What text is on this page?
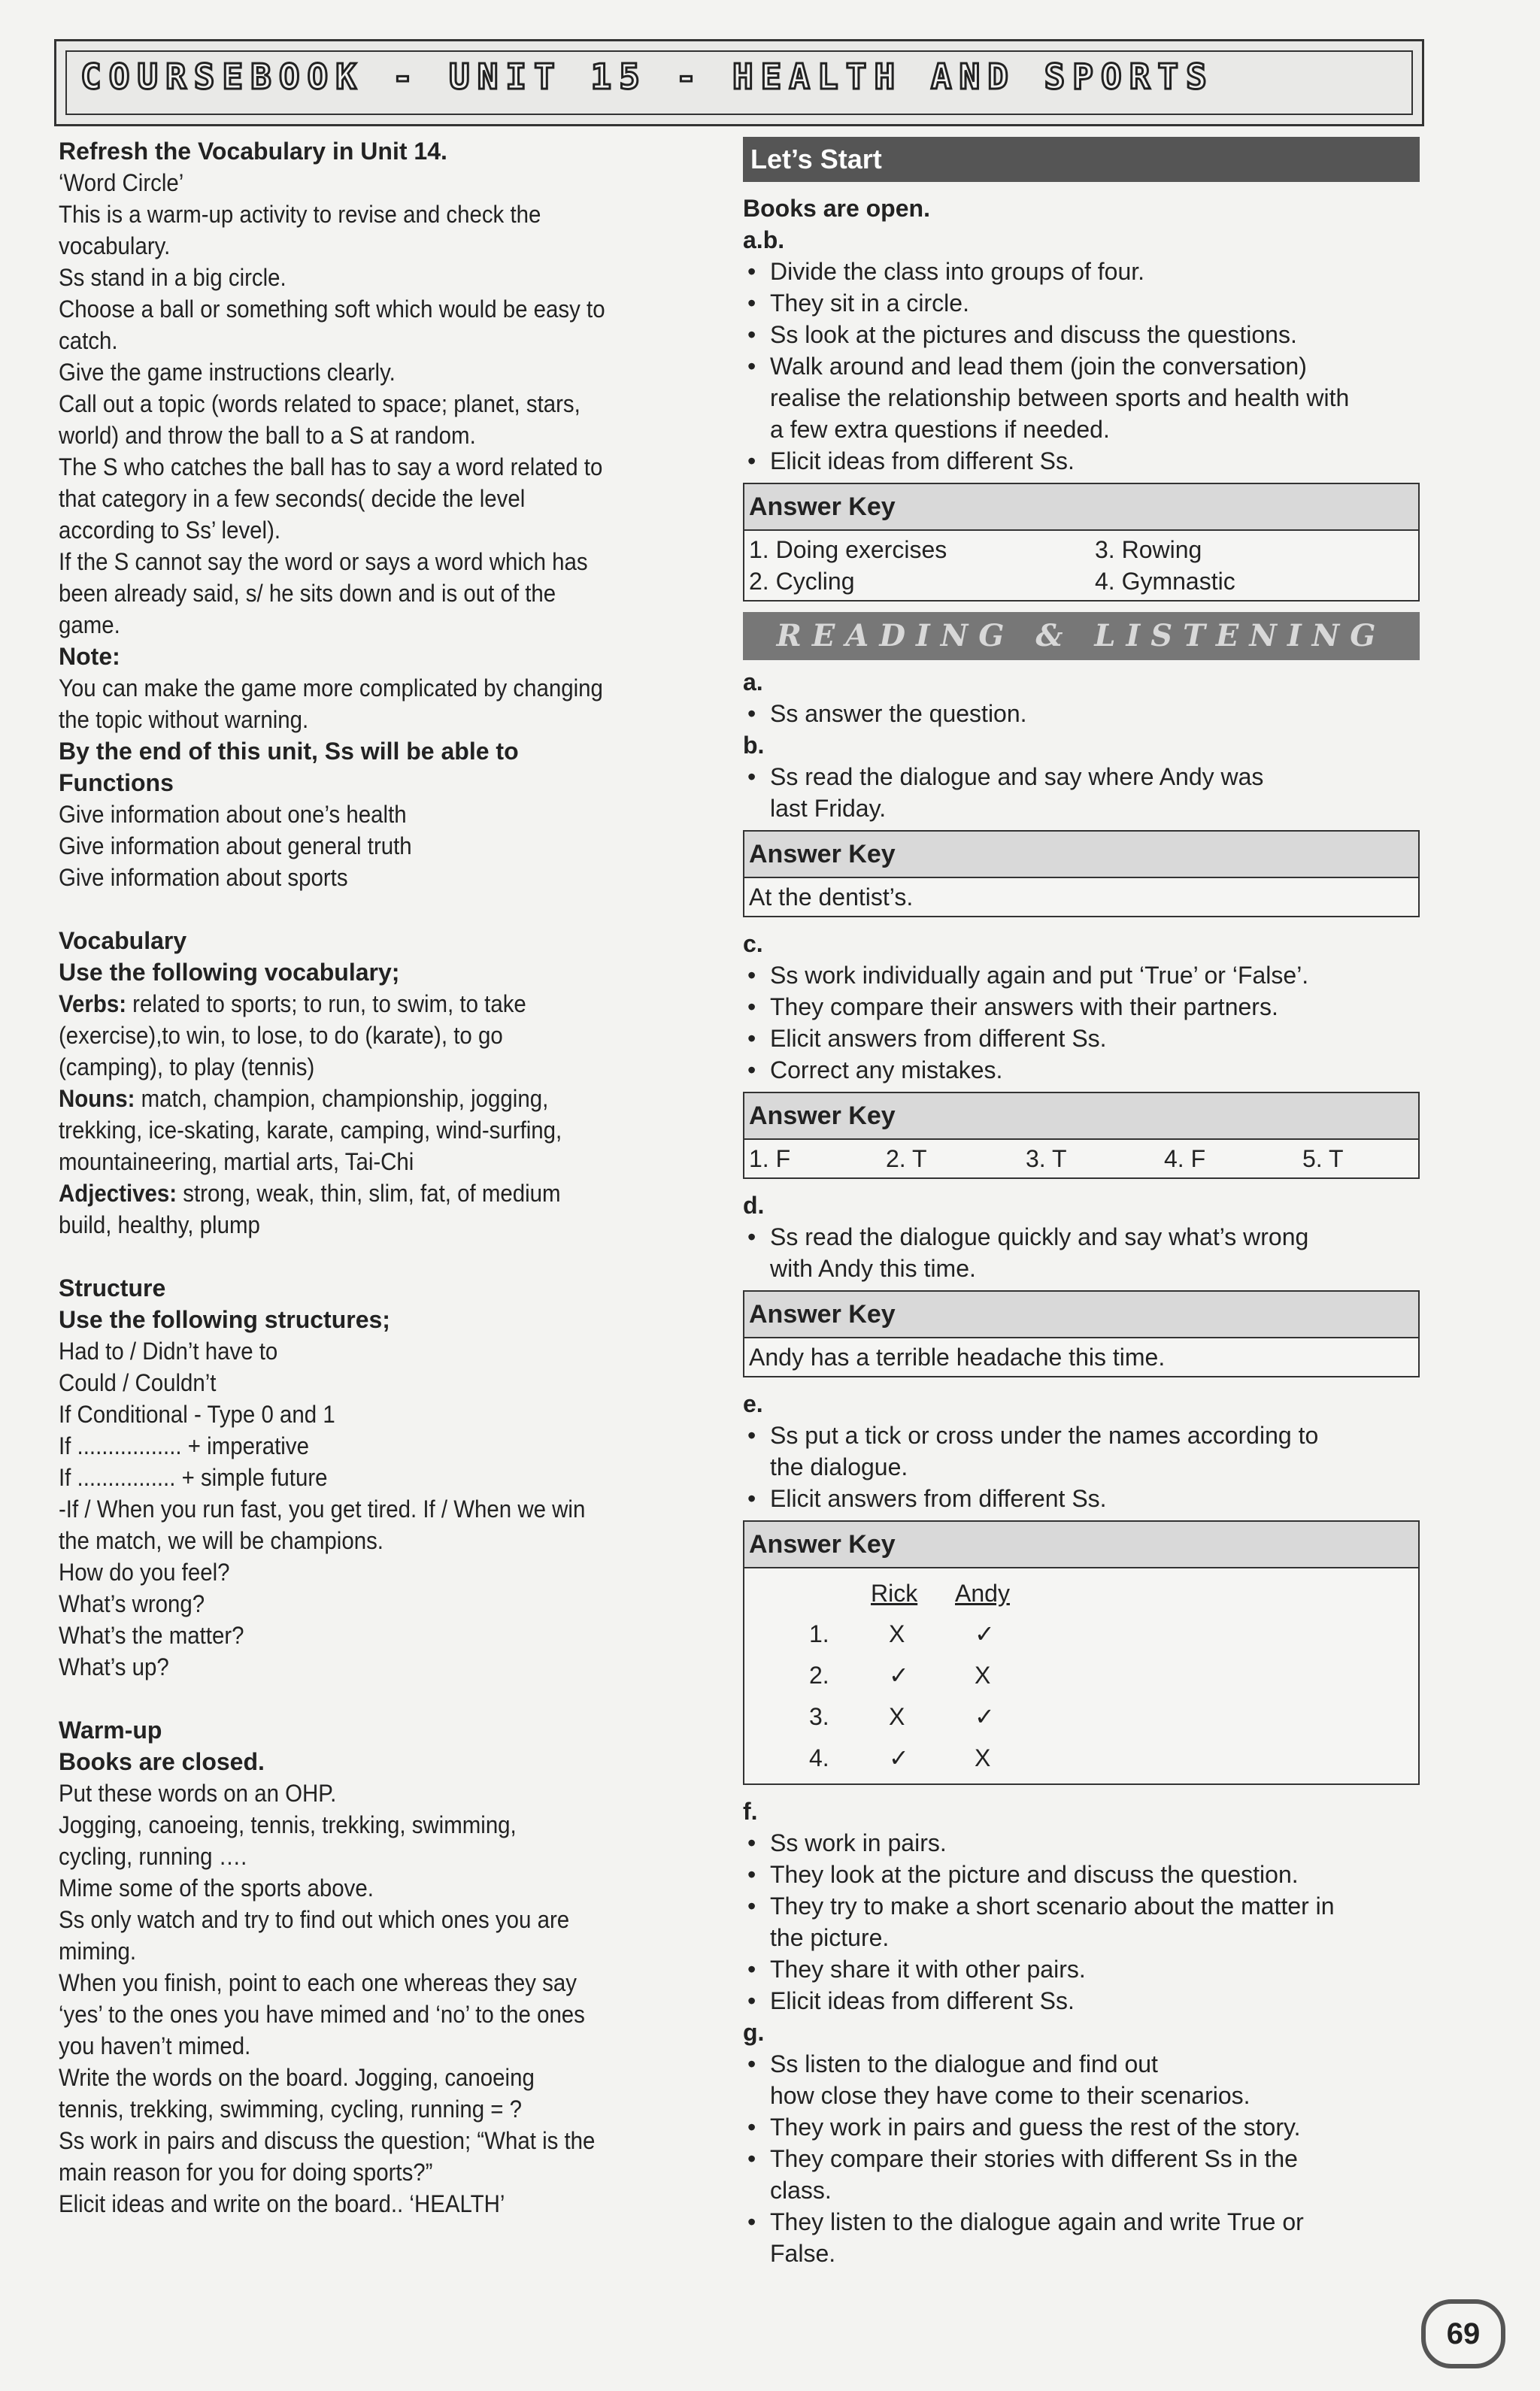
COURSEBOOK - UNIT 15 - HEALTH AND SPORTS
Refresh the Vocabulary in Unit 14.
‘Word Circle’
This is a warm-up activity to revise and check the
vocabulary.
Ss stand in a big circle.
Choose a ball or something soft which would be easy to
catch.
Give the game instructions clearly.
Call out a topic (words related to space; planet, stars,
world) and throw the ball to a S at random.
The S who catches the ball has to say a word related to
that category in a few seconds( decide the level
according to Ss’ level).
If the S cannot say the word or says a word which has
been already said, s/ he sits down and is out of the
game.
Note:
You can make the game more complicated by changing
the topic without warning.
By the end of this unit, Ss will be able to
Functions
Give information about one’s health
Give information about general truth
Give information about sports
Vocabulary
Use the following vocabulary;
Verbs: related to sports; to run, to swim, to take
(exercise),to win, to lose, to do (karate), to go
(camping), to play (tennis)
Nouns: match, champion, championship, jogging,
trekking, ice-skating, karate, camping, wind-surfing,
mountaineering, martial arts, Tai-Chi
Adjectives: strong, weak, thin, slim, fat, of medium
build, healthy, plump
Structure
Use the following structures;
Had to / Didn’t have to
Could / Couldn’t
If Conditional - Type 0 and 1
If ................. + imperative
If ................ + simple future
-If / When you run fast, you get tired. If / When we win
the match, we will be champions.
How do you feel?
What’s wrong?
What’s the matter?
What’s up?
Warm-up
Books are closed.
Put these words on an OHP.
Jogging, canoeing, tennis, trekking, swimming,
cycling, running ….
Mime some of the sports above.
Ss only watch and try to find out which ones you are
miming.
When you finish, point to each one whereas they say
‘yes’ to the ones you have mimed and ‘no’ to the ones
you haven’t mimed.
Write the words on the board. Jogging, canoeing
tennis, trekking, swimming, cycling, running = ?
Ss work in pairs and discuss the question; “What is the
main reason for you for doing sports?”
Elicit ideas and write on the board.. ‘HEALTH’
Let’s Start
Books are open.
a.b.
• Divide the class into groups of four.
• They sit in a circle.
• Ss look at the pictures and discuss the questions.
• Walk around and lead them (join the conversation)
realise the relationship between sports and health with
a few extra questions if needed.
• Elicit ideas from different Ss.
Answer Key
1. Doing exercises	3. Rowing
2. Cycling	4. Gymnastic
READING & LISTENING
a.
• Ss answer the question.
b.
• Ss read the dialogue and say where Andy was
last Friday.
Answer Key
At the dentist’s.
c.
• Ss work individually again and put ‘True’ or ‘False’.
• They compare their answers with their partners.
• Elicit answers from different Ss.
• Correct any mistakes.
Answer Key
1. F	2. T	3. T	4. F	5. T
d.
• Ss read the dialogue quickly and say what’s wrong
with Andy this time.
Answer Key
Andy has a terrible headache this time.
e.
• Ss put a tick or cross under the names according to
the dialogue.
• Elicit answers from different Ss.
Answer Key
Rick Andy
1. X	✓
2. ✓	X
3. X	✓
4. ✓	X
f.
• Ss work in pairs.
• They look at the picture and discuss the question.
• They try to make a short scenario about the matter in
the picture.
• They share it with other pairs.
• Elicit ideas from different Ss.
g.
• Ss listen to the dialogue and find out
how close they have come to their scenarios.
• They work in pairs and guess the rest of the story.
• They compare their stories with different Ss in the
class.
• They listen to the dialogue again and write True or
False.
69
